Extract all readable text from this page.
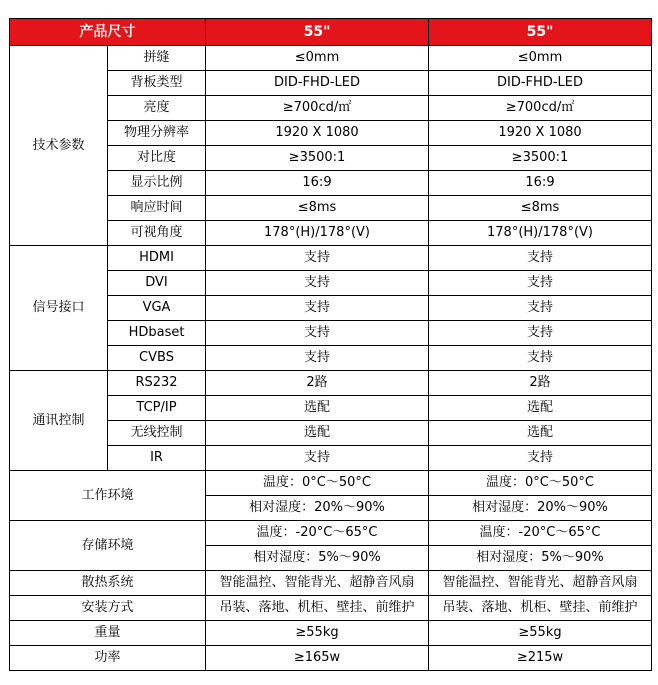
产品尺寸		55"	55"
技术参数	拼缝	≤0mm	≤0mm
	背板类型	DID-FHD-LED	DID-FHD-LED
	亮度	≥700cd/㎡	≥700cd/㎡
	物理分辨率	1920 X 1080	1920 X 1080
	对比度	≥3500:1	≥3500:1
	显示比例	16:9	16:9
	响应时间	≤8ms	≤8ms
	可视角度	178°(H)/178°(V)	178°(H)/178°(V)
信号接口	HDMI	支持	支持
	DVI	支持	支持
	VGA	支持	支持
	HDbaset	支持	支持
	CVBS	支持	支持
通讯控制	RS232	2路	2路
	TCP/IP	选配	选配
	无线控制	选配	选配
	IR	支持	支持
工作环境		温度：0°C～50°C	温度：0°C～50°C
		相对湿度：20%～90%	相对湿度：20%～90%
存储环境		温度：-20°C～65°C	温度：-20°C～65°C
		相对湿度：5%～90%	相对湿度：5%～90%
散热系统		智能温控、智能背光、超静音风扇	智能温控、智能背光、超静音风扇
安装方式		吊装、落地、机柜、壁挂、前维护	吊装、落地、机柜、壁挂、前维护
重量		≥55kg	≥55kg
功率		≥165w	≥215w
